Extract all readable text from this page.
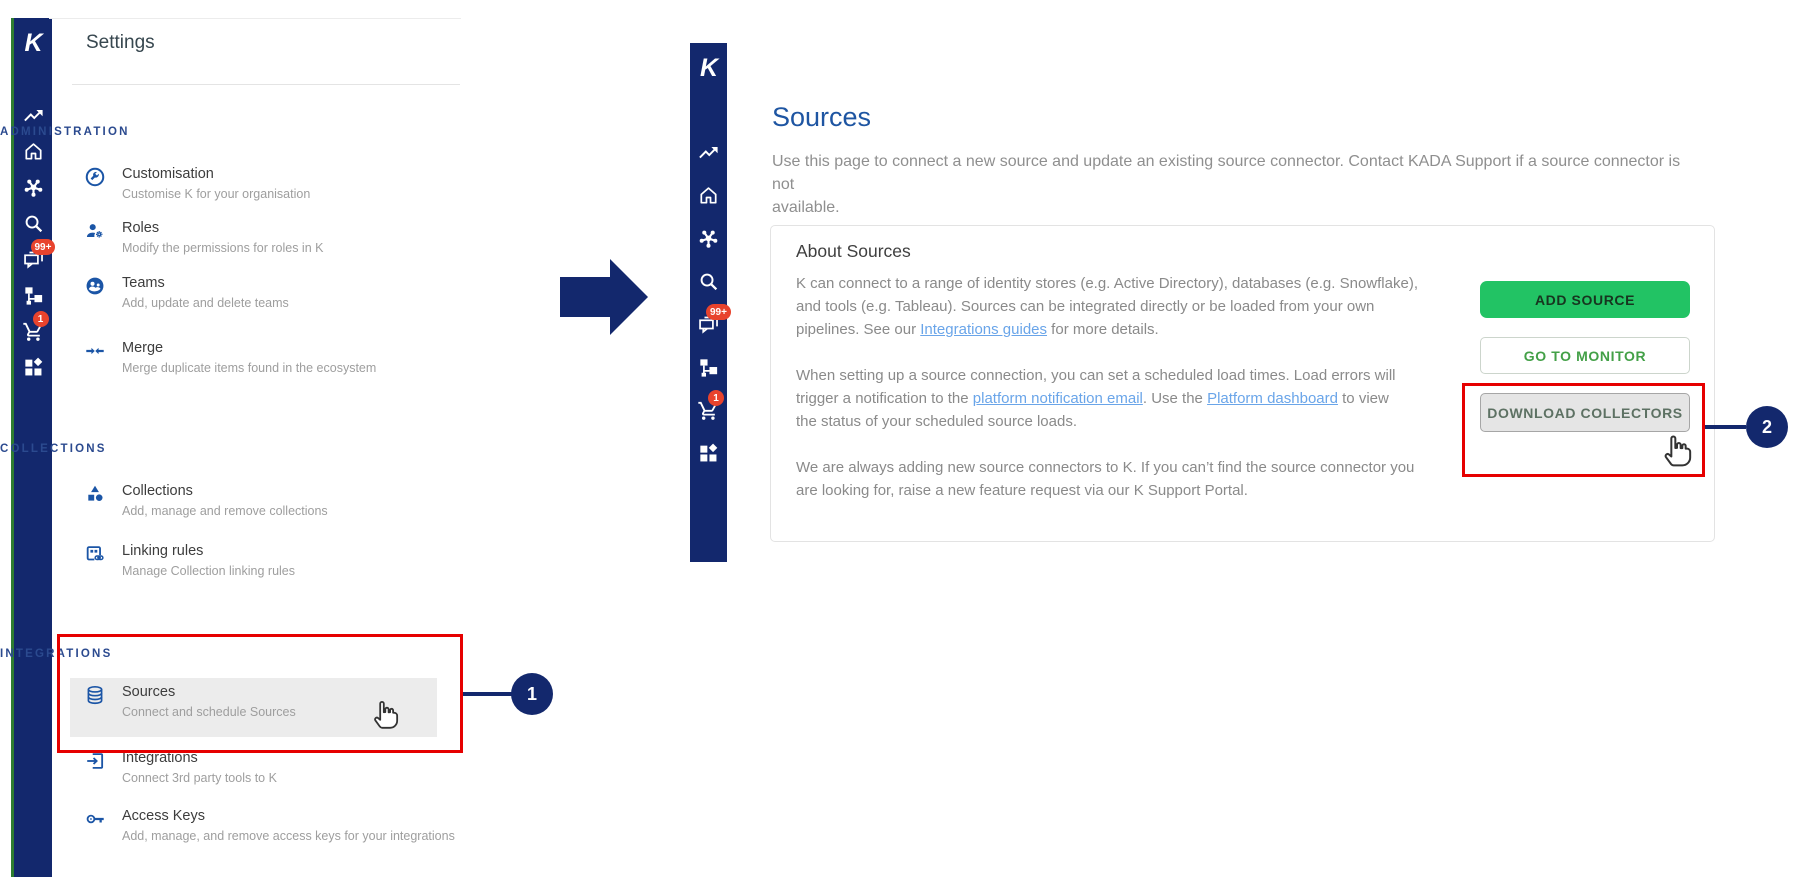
K
99+
1
Settings
ADMINISTRATION
Customisation
Customise K for your organisation
Roles
Modify the permissions for roles in K
Teams
Add, update and delete teams
Merge
Merge duplicate items found in the ecosystem
COLLECTIONS
Collections
Add, manage and remove collections
Linking rules
Manage Collection linking rules
INTEGRATIONS
Sources
Connect and schedule Sources
Integrations
Connect 3rd party tools to K
Access Keys
Add, manage, and remove access keys for your integrations
1
K
99+
1
Sources
Use this page to connect a new source and update an existing source connector. Contact KADA Support if a source connector is not
available.
About Sources

K can connect to a range of identity stores (e.g. Active Directory), databases (e.g. Snowflake),
and tools (e.g. Tableau). Sources can be integrated directly or be loaded from your own
pipelines. See our Integrations guides for more details.

When setting up a source connection, you can set a scheduled load times. Load errors will
trigger a notification to the platform notification email. Use the Platform dashboard to view
the status of your scheduled source loads.

We are always adding new source connectors to K. If you can’t find the source connector you
are looking for, raise a new feature request via our K Support Portal.

ADD SOURCE
GO TO MONITOR
DOWNLOAD COLLECTORS
2
